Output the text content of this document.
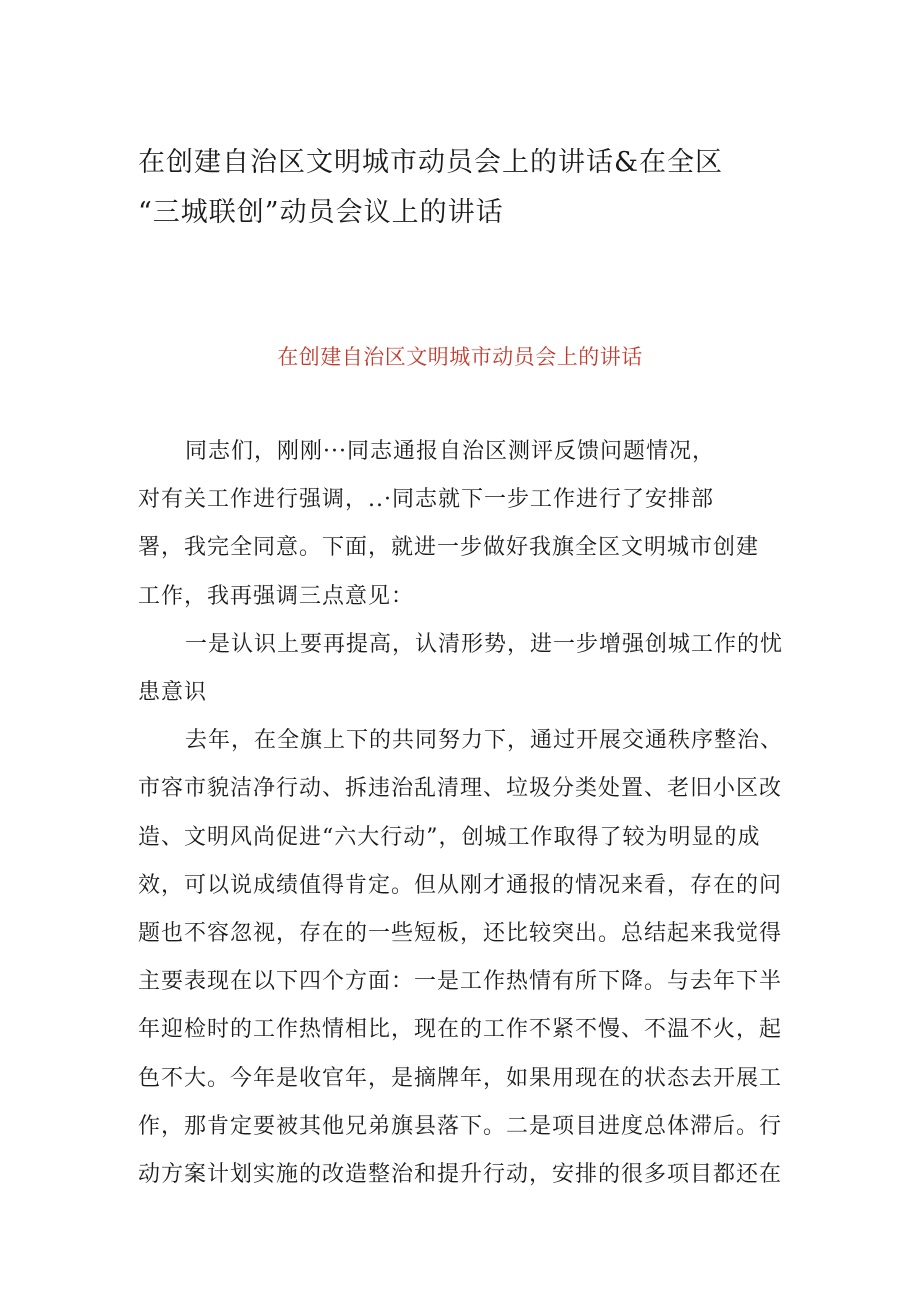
在创建自治区文明城市动员会上的讲话&在全区
“三城联创”动员会议上的讲话
在创建自治区文明城市动员会上的讲话
同志们，刚刚···同志通报自治区测评反馈问题情况，
对有关工作进行强调，..·同志就下一步工作进行了安排部
署，我完全同意。下面，就进一步做好我旗全区文明城市创建
工作，我再强调三点意见：
一是认识上要再提高，认清形势，进一步增强创城工作的忧
患意识
去年，在全旗上下的共同努力下，通过开展交通秩序整治、
市容市貌洁净行动、拆违治乱清理、垃圾分类处置、老旧小区改
造、文明风尚促进“六大行动”，创城工作取得了较为明显的成
效，可以说成绩值得肯定。但从刚才通报的情况来看，存在的问
题也不容忽视，存在的一些短板，还比较突出。总结起来我觉得
主要表现在以下四个方面：一是工作热情有所下降。与去年下半
年迎检时的工作热情相比，现在的工作不紧不慢、不温不火，起
色不大。今年是收官年，是摘牌年，如果用现在的状态去开展工
作，那肯定要被其他兄弟旗县落下。二是项目进度总体滞后。行
动方案计划实施的改造整治和提升行动，安排的很多项目都还在
